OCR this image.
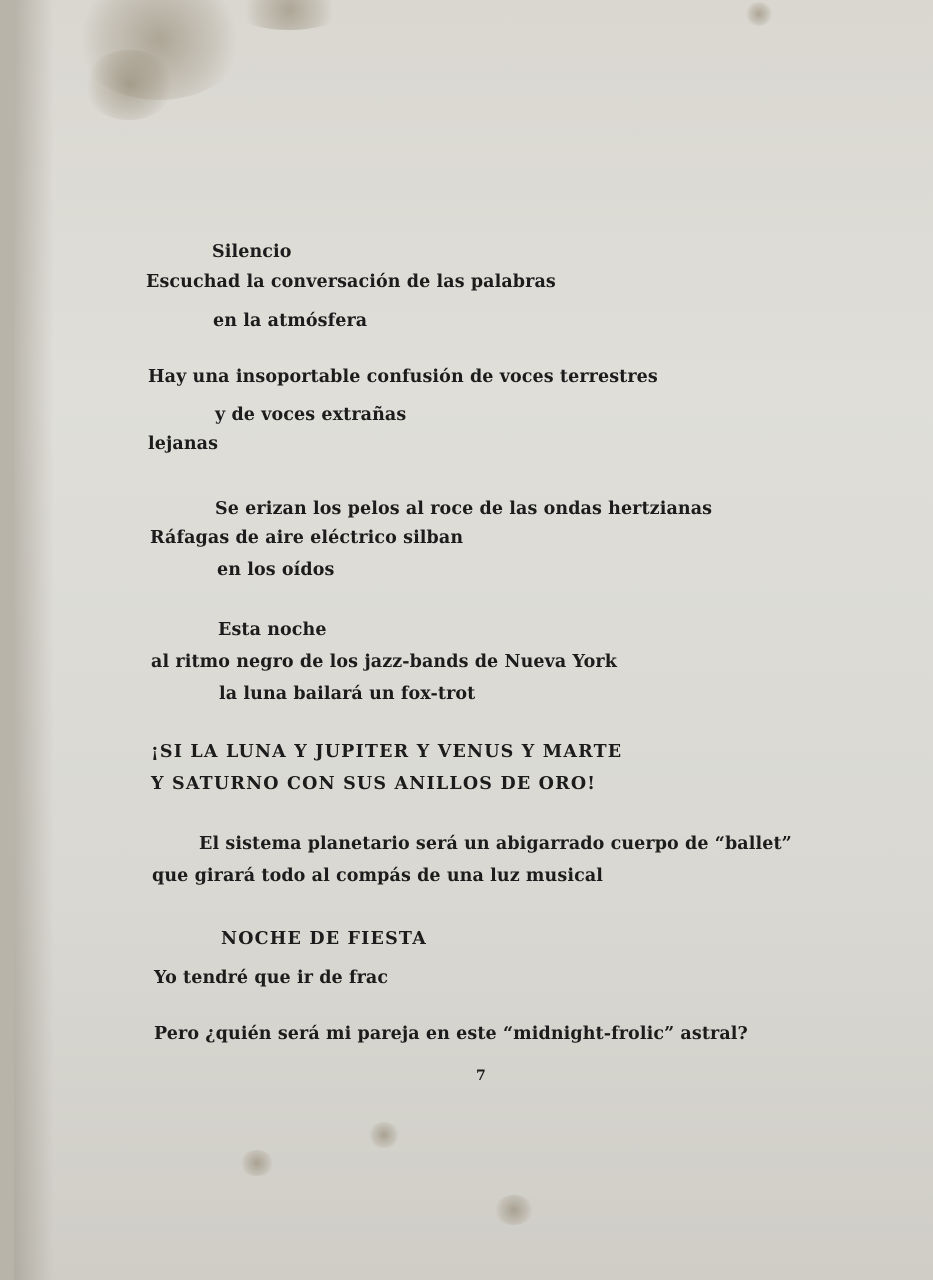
Silencio

Escuchad la conversación de las palabras

en la atmósfera

Hay una insoportable confusión de voces terrestres

y de voces extrañas

lejanas

Se erizan los pelos al roce de las ondas hertzianas

Ráfagas de aire eléctrico silban

en los oídos

Esta noche

al ritmo negro de los jazz-bands de Nueva York

la luna bailará un fox-trot

¡SI LA LUNA Y JUPITER Y VENUS Y MARTE

Y SATURNO CON SUS ANILLOS DE ORO!

El sistema planetario será un abigarrado cuerpo de “ballet”

que girará todo al compás de una luz musical

NOCHE DE FIESTA

Yo tendré que ir de frac

Pero ¿quién será mi pareja en este “midnight-frolic” astral?

7
